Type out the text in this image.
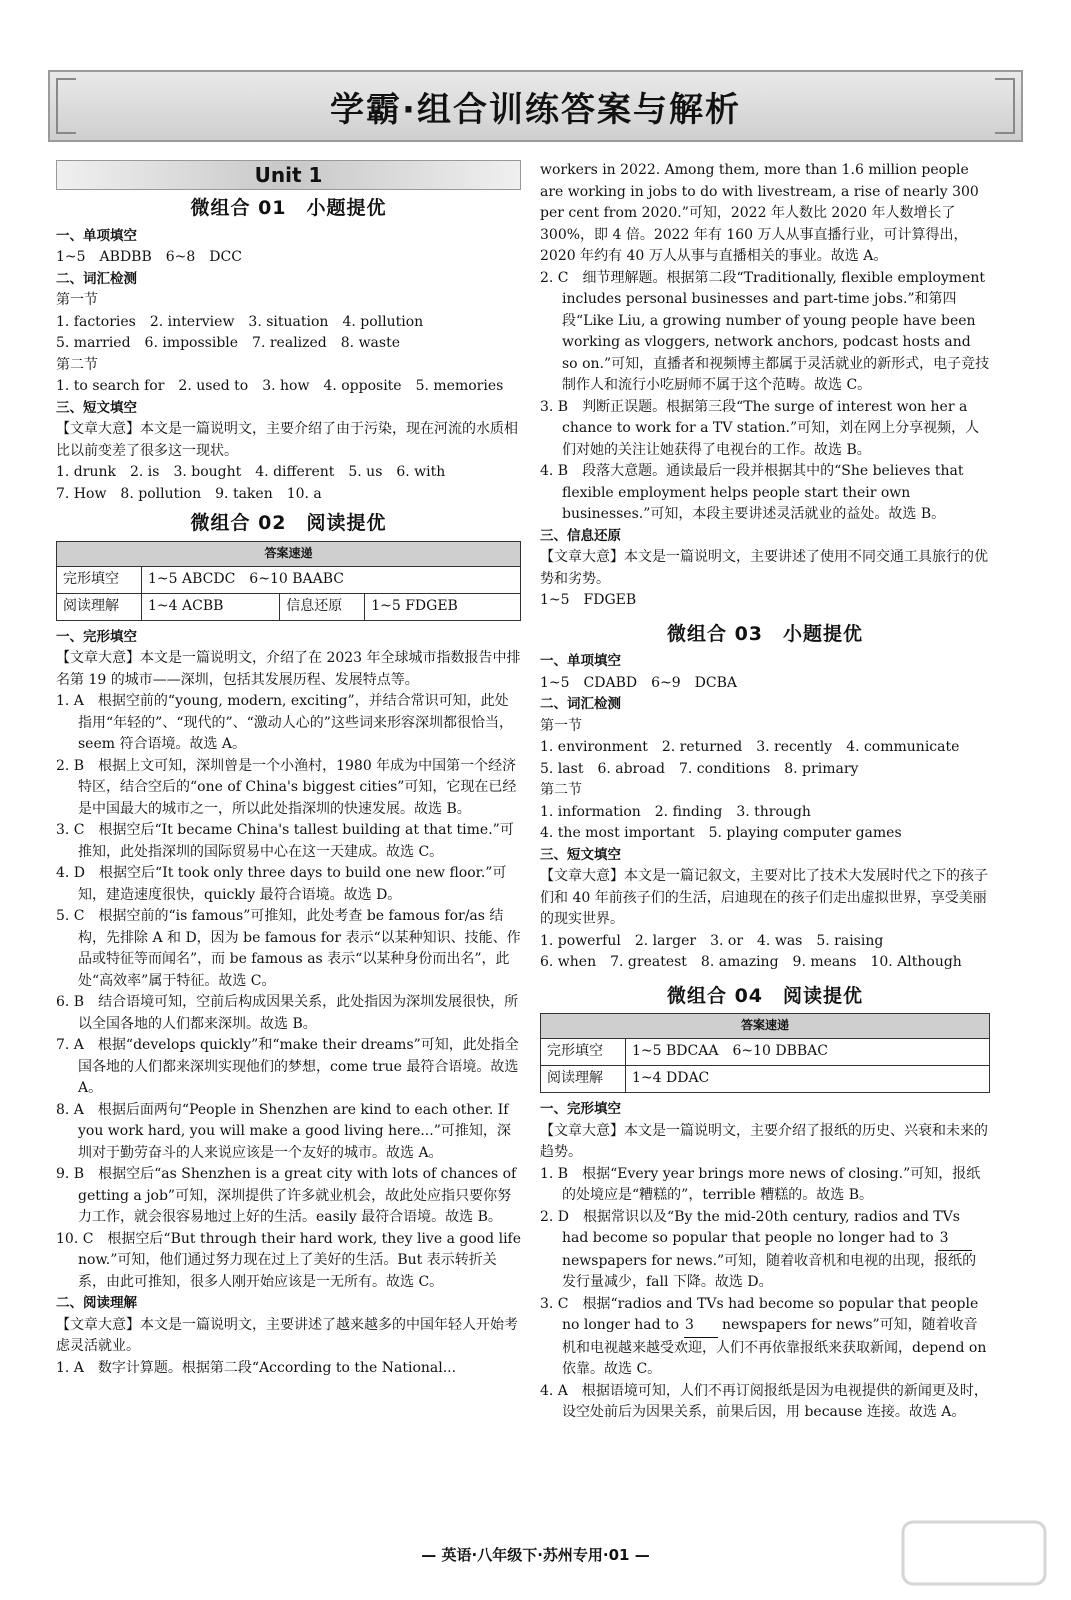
学霸·组合训练答案与解析
Unit 1
微组合 01　小题提优

一、单项填空

1~5　ABDBB　6~8　DCC

二、词汇检测

第一节

1. factories　2. interview　3. situation　4. pollution

5. married　6. impossible　7. realized　8. waste

第二节

1. to search for　2. used to　3. how　4. opposite　5. memories

三、短文填空

【文章大意】本文是一篇说明文，主要介绍了由于污染，现在河流的水质相比以前变差了很多这一现状。

1. drunk　2. is　3. bought　4. different　5. us　6. with

7. How　8. pollution　9. taken　10. a

微组合 02　阅读提优
答案速递			
完形填空	1~5 ABCDC　6~10 BAABC		
阅读理解	1~4 ACBB	信息还原	1~5 FDGEB

一、完形填空

【文章大意】本文是一篇说明文，介绍了在 2023 年全球城市指数报告中排名第 19 的城市——深圳，包括其发展历程、发展特点等。

1. A　根据空前的“young, modern, exciting”，并结合常识可知，此处指用“年轻的”、“现代的”、“激动人心的”这些词来形容深圳都很恰当，seem 符合语境。故选 A。

2. B　根据上文可知，深圳曾是一个小渔村，1980 年成为中国第一个经济特区，结合空后的“one of China's biggest cities”可知，它现在已经是中国最大的城市之一，所以此处指深圳的快速发展。故选 B。

3. C　根据空后“It became China's tallest building at that time.”可推知，此处指深圳的国际贸易中心在这一天建成。故选 C。

4. D　根据空后“It took only three days to build one new floor.”可知，建造速度很快，quickly 最符合语境。故选 D。

5. C　根据空前的“is famous”可推知，此处考查 be famous for/as 结构，先排除 A 和 D，因为 be famous for 表示“以某种知识、技能、作品或特征等而闻名”，而 be famous as 表示“以某种身份而出名”，此处“高效率”属于特征。故选 C。

6. B　结合语境可知，空前后构成因果关系，此处指因为深圳发展很快，所以全国各地的人们都来深圳。故选 B。

7. A　根据“develops quickly”和“make their dreams”可知，此处指全国各地的人们都来深圳实现他们的梦想，come true 最符合语境。故选 A。

8. A　根据后面两句“People in Shenzhen are kind to each other. If you work hard, you will make a good living here...”可推知，深圳对于勤劳奋斗的人来说应该是一个友好的城市。故选 A。

9. B　根据空后“as Shenzhen is a great city with lots of chances of getting a job”可知，深圳提供了许多就业机会，故此处应指只要你努力工作，就会很容易地过上好的生活。easily 最符合语境。故选 B。

10. C　根据空后“But through their hard work, they live a good life now.”可知，他们通过努力现在过上了美好的生活。But 表示转折关系，由此可推知，很多人刚开始应该是一无所有。故选 C。

二、阅读理解

【文章大意】本文是一篇说明文，主要讲述了越来越多的中国年轻人开始考虑灵活就业。

1. A　数字计算题。根据第二段“According to the National...

workers in 2022. Among them, more than 1.6 million people are working in jobs to do with livestream, a rise of nearly 300 per cent from 2020.”可知，2022 年人数比 2020 年人数增长了 300%，即 4 倍。2022 年有 160 万人从事直播行业，可计算得出，2020 年约有 40 万人从事与直播相关的事业。故选 A。

2. C　细节理解题。根据第二段“Traditionally, flexible employment includes personal businesses and part-time jobs.”和第四段“Like Liu, a growing number of young people have been working as vloggers, network anchors, podcast hosts and so on.”可知，直播者和视频博主都属于灵活就业的新形式，电子竞技制作人和流行小吃厨师不属于这个范畴。故选 C。

3. B　判断正误题。根据第三段“The surge of interest won her a chance to work for a TV station.”可知，刘在网上分享视频，人们对她的关注让她获得了电视台的工作。故选 B。

4. B　段落大意题。通读最后一段并根据其中的“She believes that flexible employment helps people start their own businesses.”可知，本段主要讲述灵活就业的益处。故选 B。

三、信息还原

【文章大意】本文是一篇说明文，主要讲述了使用不同交通工具旅行的优势和劣势。

1~5　FDGEB

微组合 03　小题提优

一、单项填空

1~5　CDABD　6~9　DCBA

二、词汇检测

第一节

1. environment　2. returned　3. recently　4. communicate

5. last　6. abroad　7. conditions　8. primary

第二节

1. information　2. finding　3. through

4. the most important　5. playing computer games

三、短文填空

【文章大意】本文是一篇记叙文，主要对比了技术大发展时代之下的孩子们和 40 年前孩子们的生活，启迪现在的孩子们走出虚拟世界，享受美丽的现实世界。

1. powerful　2. larger　3. or　4. was　5. raising

6. when　7. greatest　8. amazing　9. means　10. Although

微组合 04　阅读提优
答案速递	
完形填空	1~5 BDCAA　6~10 DBBAC
阅读理解	1~4 DDAC

一、完形填空

【文章大意】本文是一篇说明文，主要介绍了报纸的历史、兴衰和未来的趋势。

1. B　根据“Every year brings more news of closing.”可知，报纸的处境应是“糟糕的”，terrible 糟糕的。故选 B。

2. D　根据常识以及“By the mid-20th century, radios and TVs had become so popular that people no longer had to 3 newspapers for news.”可知，随着收音机和电视的出现，报纸的发行量减少，fall 下降。故选 D。

3. C　根据“radios and TVs had become so popular that people no longer had to 3 newspapers for news”可知，随着收音机和电视越来越受欢迎，人们不再依靠报纸来获取新闻，depend on 依靠。故选 C。

4. A　根据语境可知，人们不再订阅报纸是因为电视提供的新闻更及时，设空处前后为因果关系，前果后因，用 because 连接。故选 A。

— 英语·八年级下·苏州专用·01 —
